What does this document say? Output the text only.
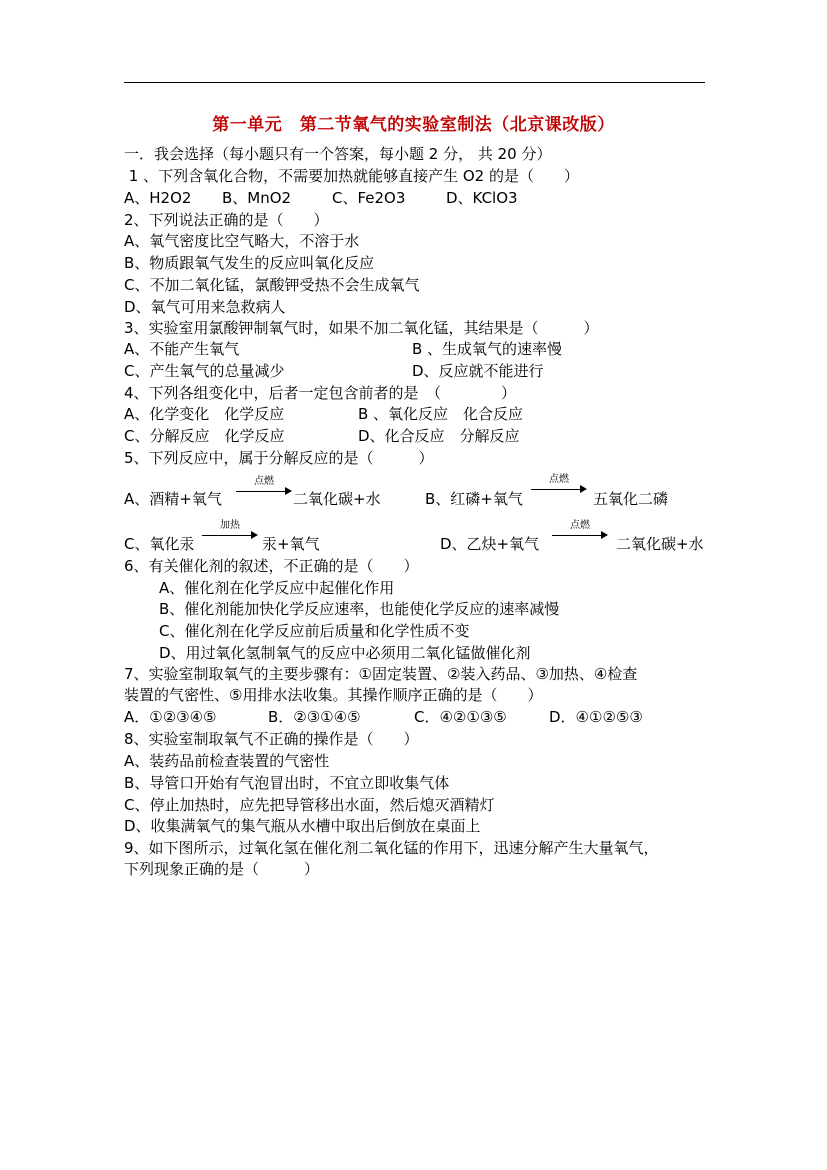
第一单元　第二节氧气的实验室制法（北京课改版）
一．我会选择（每小题只有一个答案，每小题 2 分， 共 20 分）
1 、下列含氧化合物，不需要加热就能够直接产生 O2 的是（　　）
A、H2O2 B、MnO2	C、Fe2O3	D、KClO3
2、下列说法正确的是（　　）
A、氧气密度比空气略大，不溶于水
B、物质跟氧气发生的反应叫氧化反应
C、不加二氧化锰，氯酸钾受热不会生成氧气
D、氧气可用来急救病人
3、实验室用氯酸钾制氧气时，如果不加二氧化锰，其结果是（　　　）
A、不能产生氧气	B 、生成氧气的速率慢
C、产生氧气的总量减少	D、反应就不能进行
4、下列各组变化中，后者一定包含前者的是　（　　　　）
A、化学变化　化学反应	B 、氧化反应　化合反应
C、分解反应　化学反应	D、化合反应　分解反应
5、下列反应中，属于分解反应的是（　　　）
A、酒精+氧气
点燃
二氧化碳+水	B、红磷+氧气
点燃
五氧化二磷
C、氧化汞
加热
汞+氧气	D、乙炔+氧气
点燃
二氧化碳+水
6、有关催化剂的叙述，不正确的是（　　）
A、催化剂在化学反应中起催化作用
B、催化剂能加快化学反应速率，也能使化学反应的速率减慢
C、催化剂在化学反应前后质量和化学性质不变
D、用过氧化氢制氧气的反应中必须用二氧化锰做催化剂
7、实验室制取氧气的主要步骤有：①固定装置、②装入药品、③加热、④检查
装置的气密性、⑤用排水法收集。其操作顺序正确的是（　　）
A．①②③④⑤	B．②③①④⑤	C．④②①③⑤	D．④①②⑤③
8、实验室制取氧气不正确的操作是（　　）
A、装药品前检查装置的气密性
B、导管口开始有气泡冒出时，不宜立即收集气体
C、停止加热时，应先把导管移出水面，然后熄灭酒精灯
D、收集满氧气的集气瓶从水槽中取出后倒放在桌面上
9、如下图所示，过氧化氢在催化剂二氧化锰的作用下，迅速分解产生大量氧气，
下列现象正确的是（　　　）
